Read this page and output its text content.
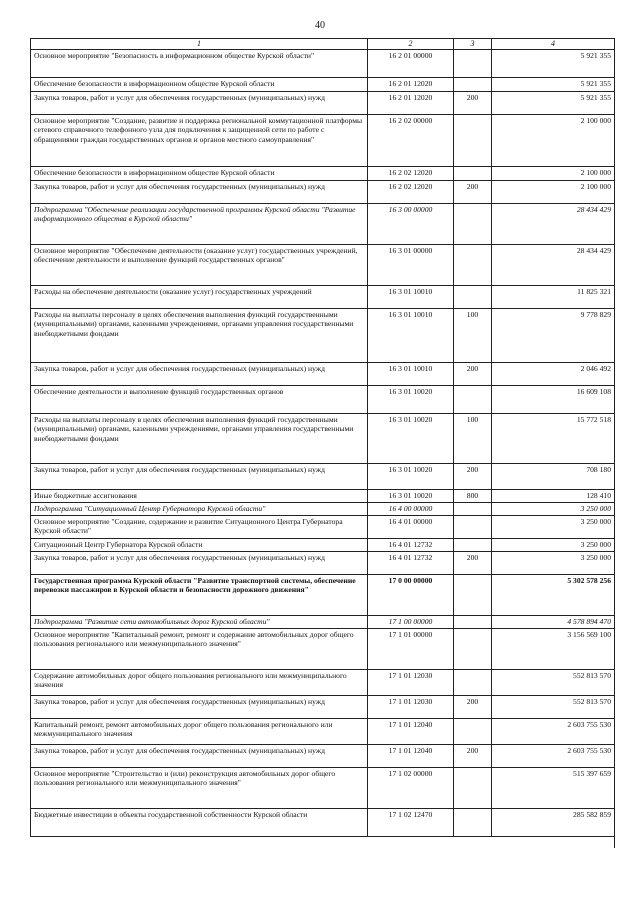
40
1	2	3	4
Основное мероприятие "Безопасность в информационном обществе Курской области"	16 2 01 00000		5 921 355
Обеспечение безопасности в информационном обществе Курской области	16 2 01 12020		5 921 355
Закупка товаров, работ и услуг для обеспечения государственных (муниципальных) нужд	16 2 01 12020	200	5 921 355
Основное мероприятие "Создание, развитие и поддержка региональной коммутационной платформы сетевого справочного телефонного узла для подключения к защищенной сети по работе с обращениями граждан государственных органов и органов местного самоуправления"	16 2 02 00000		2 100 000
Обеспечение безопасности в информационном обществе Курской области	16 2 02 12020		2 100 000
Закупка товаров, работ и услуг для обеспечения государственных (муниципальных) нужд	16 2 02 12020	200	2 100 000
Подпрограмма "Обеспечение реализации государственной программы Курской области "Развитие информационного общества в Курской области"	16 3 00 00000		28 434 429
Основное мероприятие "Обеспечение деятельности (оказание услуг) государственных учреждений, обеспечение деятельности и выполнение функций государственных органов"	16 3 01 00000		28 434 429
Расходы на обеспечение деятельности (оказание услуг) государственных учреждений	16 3 01 10010		11 825 321
Расходы на выплаты персоналу в целях обеспечения выполнения функций государственными (муниципальными) органами, казенными учреждениями, органами управления государственными внебюджетными фондами	16 3 01 10010	100	9 778 829
Закупка товаров, работ и услуг для обеспечения государственных (муниципальных) нужд	16 3 01 10010	200	2 046 492
Обеспечение деятельности и выполнение функций государственных органов	16 3 01 10020		16 609 108
Расходы на выплаты персоналу в целях обеспечения выполнения функций государственными (муниципальными) органами, казенными учреждениями, органами управления государственными внебюджетными фондами	16 3 01 10020	100	15 772 518
Закупка товаров, работ и услуг для обеспечения государственных (муниципальных) нужд	16 3 01 10020	200	708 180
Иные бюджетные ассигнования	16 3 01 10020	800	128 410
Подпрограмма "Ситуационный Центр Губернатора Курской области"	16 4 00 00000		3 250 000
Основное мероприятие "Создание, содержание и развитие Ситуационного Центра Губернатора Курской области"	16 4 01 00000		3 250 000
Ситуационный Центр Губернатора Курской области	16 4 01 12732		3 250 000
Закупка товаров, работ и услуг для обеспечения государственных (муниципальных) нужд	16 4 01 12732	200	3 250 000
Государственная программа Курской области "Развитие транспортной системы, обеспечение перевозки пассажиров в Курской области и безопасности дорожного движения"	17 0 00 00000		5 302 578 256
Подпрограмма "Развитие сети автомобильных дорог Курской области"	17 1 00 00000		4 578 894 470
Основное мероприятие "Капитальный ремонт, ремонт и содержание автомобильных дорог общего пользования регионального или межмуниципального значения"	17 1 01 00000		3 156 569 100
Содержание автомобильных дорог общего пользования регионального или межмуниципального значения	17 1 01 12030		552 813 570
Закупка товаров, работ и услуг для обеспечения государственных (муниципальных) нужд	17 1 01 12030	200	552 813 570
Капитальный ремонт, ремонт автомобильных дорог общего пользования регионального или межмуниципального значения	17 1 01 12040		2 603 755 530
Закупка товаров, работ и услуг для обеспечения государственных (муниципальных) нужд	17 1 01 12040	200	2 603 755 530
Основное мероприятие "Строительство и (или) реконструкция автомобильных дорог общего пользования регионального или межмуниципального значения"	17 1 02 00000		515 397 659
Бюджетные инвестиции в объекты государственной собственности Курской области	17 1 02 12470		285 582 859
